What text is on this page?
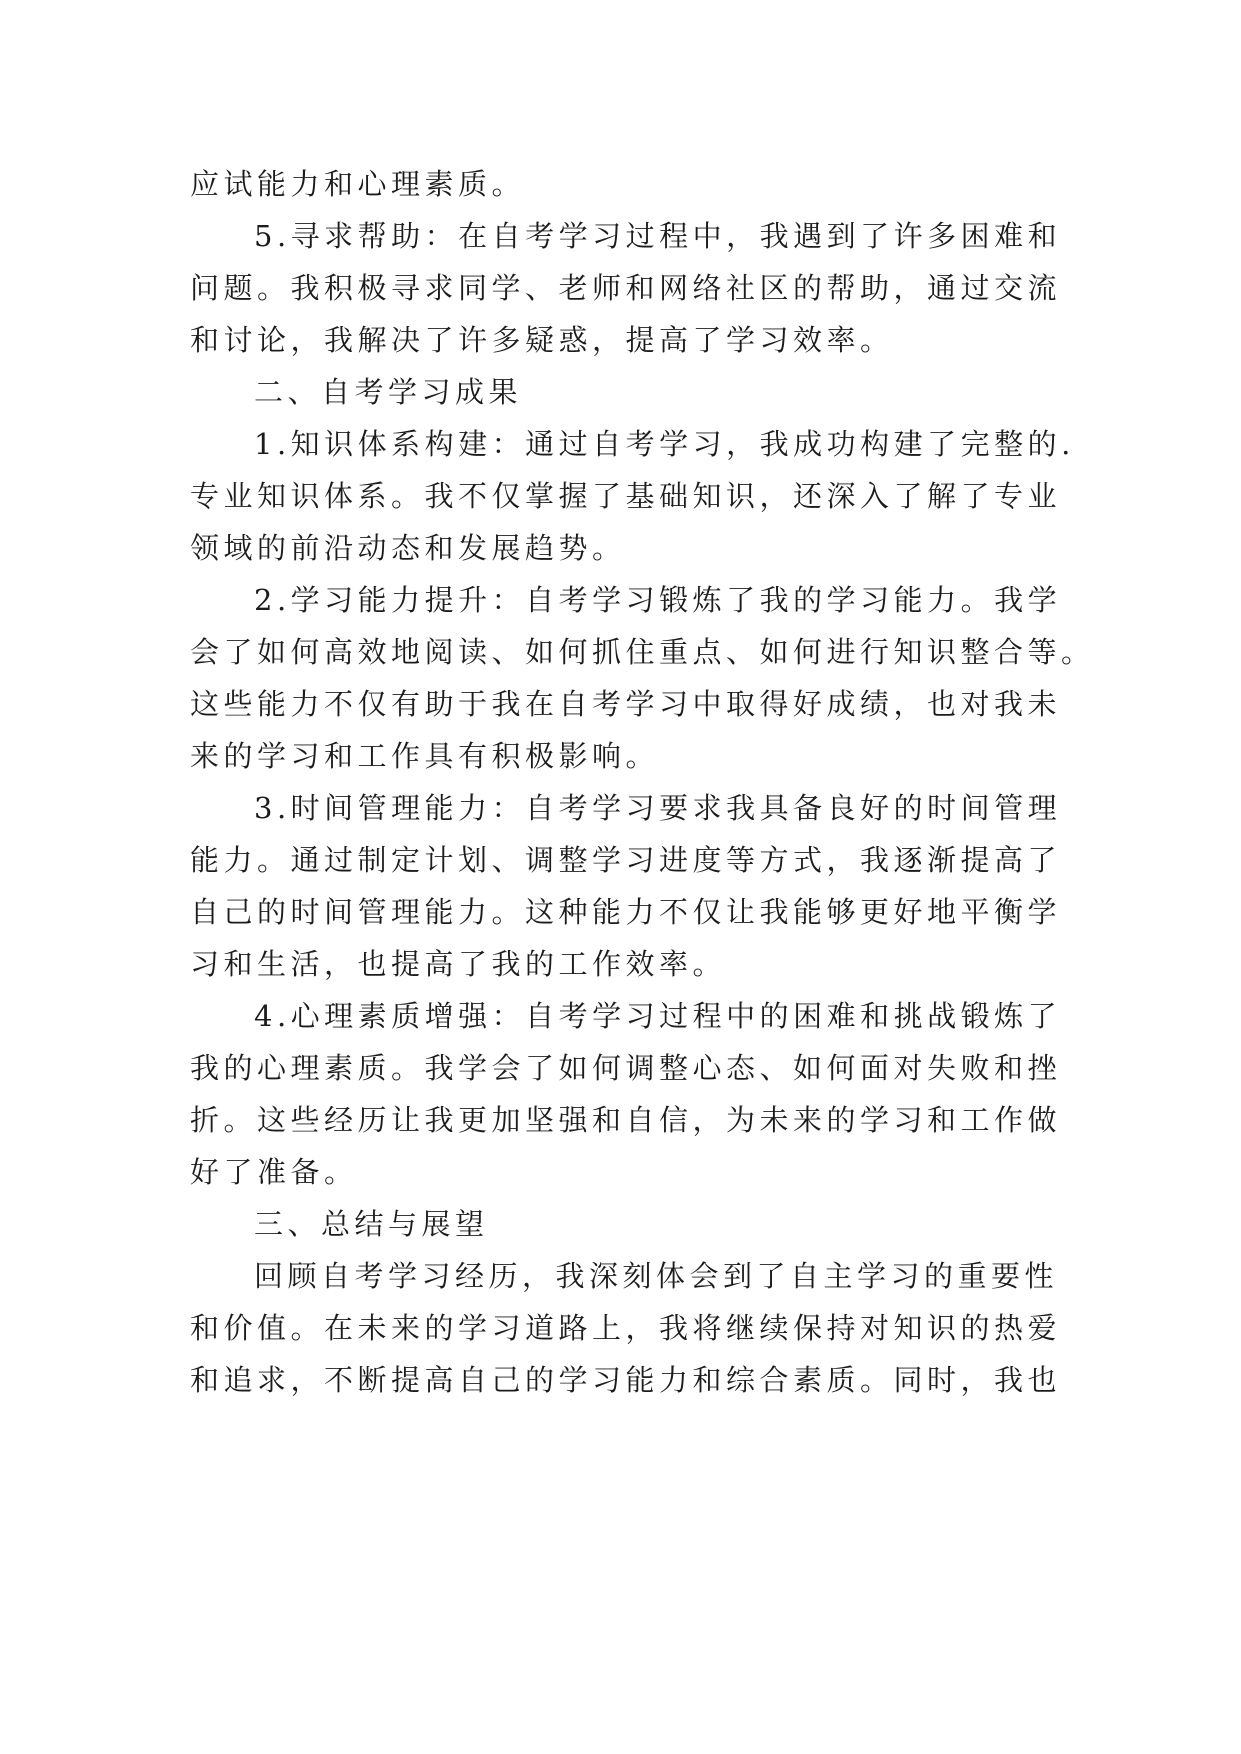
应试能力和心理素质。
5.寻求帮助：在自考学习过程中，我遇到了许多困难和
问题。我积极寻求同学、老师和网络社区的帮助，通过交流
和讨论，我解决了许多疑惑，提高了学习效率。
二、自考学习成果
1.知识体系构建：通过自考学习，我成功构建了完整的.
专业知识体系。我不仅掌握了基础知识，还深入了解了专业
领域的前沿动态和发展趋势。
2.学习能力提升：自考学习锻炼了我的学习能力。我学
会了如何高效地阅读、如何抓住重点、如何进行知识整合等。
这些能力不仅有助于我在自考学习中取得好成绩，也对我未
来的学习和工作具有积极影响。
3.时间管理能力：自考学习要求我具备良好的时间管理
能力。通过制定计划、调整学习进度等方式，我逐渐提高了
自己的时间管理能力。这种能力不仅让我能够更好地平衡学
习和生活，也提高了我的工作效率。
4.心理素质增强：自考学习过程中的困难和挑战锻炼了
我的心理素质。我学会了如何调整心态、如何面对失败和挫
折。这些经历让我更加坚强和自信，为未来的学习和工作做
好了准备。
三、总结与展望
回顾自考学习经历，我深刻体会到了自主学习的重要性
和价值。在未来的学习道路上，我将继续保持对知识的热爱
和追求，不断提高自己的学习能力和综合素质。同时，我也
